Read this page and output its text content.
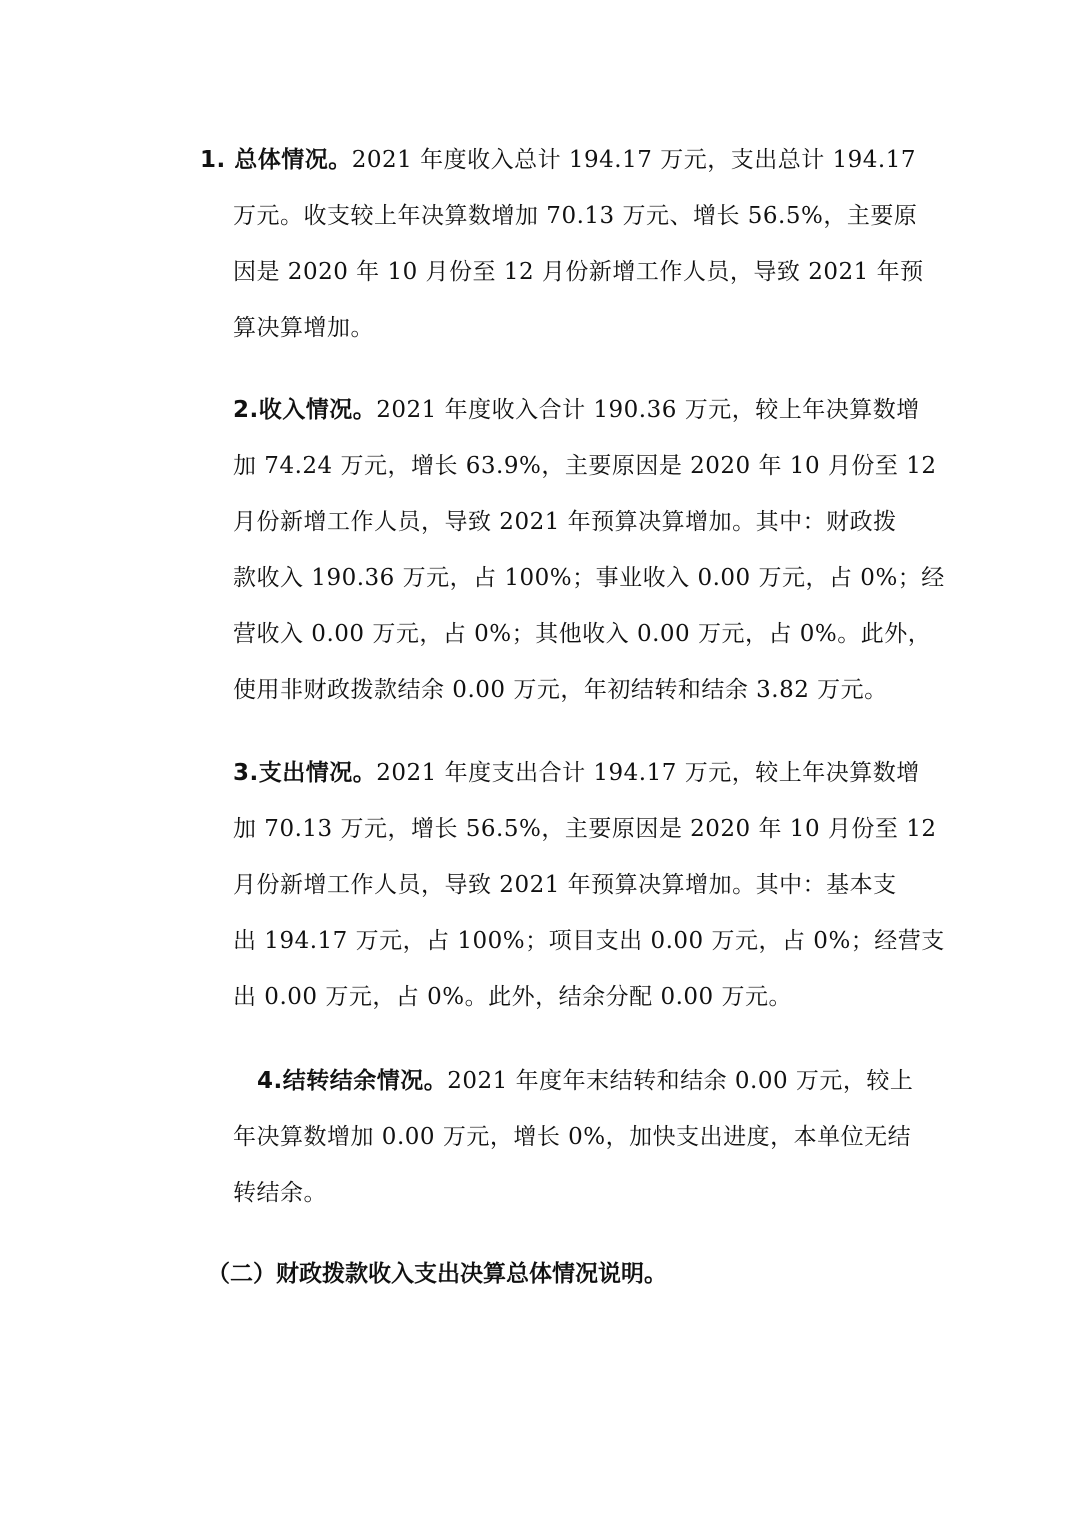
1. 总体情况。2021 年度收入总计 194.17 万元，支出总计 194.17
万元。收支较上年决算数增加 70.13 万元、增长 56.5%，主要原
因是 2020 年 10 月份至 12 月份新增工作人员，导致 2021 年预
算决算增加。

2.收入情况。2021 年度收入合计 190.36 万元，较上年决算数增
加 74.24 万元，增长 63.9%，主要原因是 2020 年 10 月份至 12
月份新增工作人员，导致 2021 年预算决算增加。其中：财政拨
款收入 190.36 万元，占 100%；事业收入 0.00 万元，占 0%；经
营收入 0.00 万元，占 0%；其他收入 0.00 万元，占 0%。此外，
使用非财政拨款结余 0.00 万元，年初结转和结余 3.82 万元。

3.支出情况。2021 年度支出合计 194.17 万元，较上年决算数增
加 70.13 万元，增长 56.5%，主要原因是 2020 年 10 月份至 12
月份新增工作人员，导致 2021 年预算决算增加。其中：基本支
出 194.17 万元，占 100%；项目支出 0.00 万元，占 0%；经营支
出 0.00 万元，占 0%。此外，结余分配 0.00 万元。

4.结转结余情况。2021 年度年末结转和结余 0.00 万元，较上
年决算数增加 0.00 万元，增长 0%，加快支出进度，本单位无结
转结余。

（二）财政拨款收入支出决算总体情况说明。
